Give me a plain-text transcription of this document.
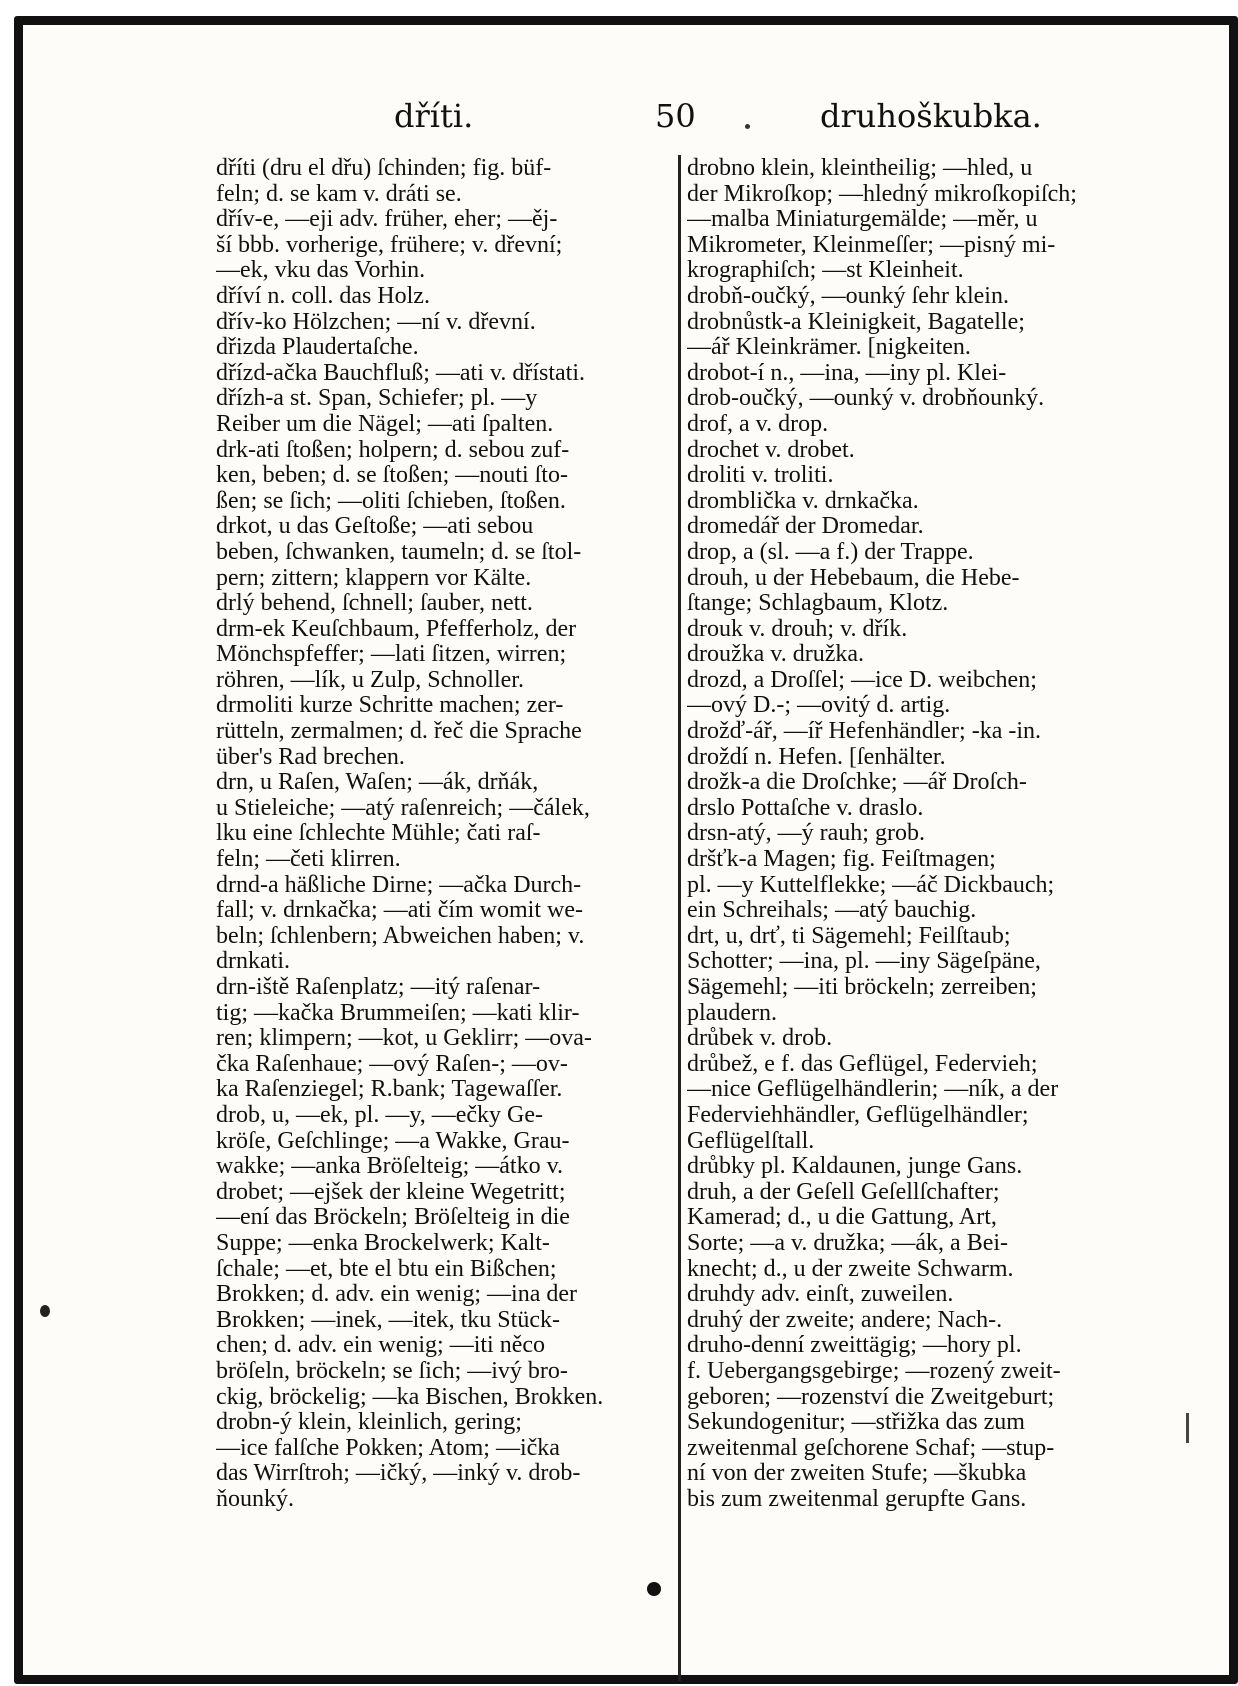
dříti.	50	druhoškubka.
dříti (dru el dřu) ſchinden; fig. büf-
feln; d. se kam v. dráti se.
dřív-e, —eji adv. früher, eher; —ěj-
ší bbb. vorherige, frühere; v. dřevní;
—ek, vku das Vorhin.
dříví n. coll. das Holz.
dřív-ko Hölzchen; —ní v. dřevní.
dřizda Plaudertaſche.
dřízd-ačka Bauchfluß; —ati v. dřístati.
dřízh-a st. Span, Schiefer; pl. —y
Reiber um die Nägel; —ati ſpalten.
drk-ati ſtoßen; holpern; d. sebou zuf-
ken, beben; d. se ſtoßen; —nouti ſto-
ßen; se ſich; —oliti ſchieben, ſtoßen.
drkot, u das Geſtoße; —ati sebou
beben, ſchwanken, taumeln; d. se ſtol-
pern; zittern; klappern vor Kälte.
drlý behend, ſchnell; ſauber, nett.
drm-ek Keuſchbaum, Pfefferholz, der
Mönchspfeffer; —lati ſitzen, wirren;
röhren, —lík, u Zulp, Schnoller.
drmoliti kurze Schritte machen; zer-
rütteln, zermalmen; d. řeč die Sprache
über's Rad brechen.
drn, u Raſen, Waſen; —ák, drňák,
u Stieleiche; —atý raſenreich; —čálek,
lku eine ſchlechte Mühle; čati raſ-
feln; —četi klirren.
drnd-a häßliche Dirne; —ačka Durch-
fall; v. drnkačka; —ati čím womit we-
beln; ſchlenbern; Abweichen haben; v.
drnkati.
drn-iště Raſenplatz; —itý raſenar-
tig; —kačka Brummeiſen; —kati klir-
ren; klimpern; —kot, u Geklirr; —ova-
čka Raſenhaue; —ový Raſen-; —ov-
ka Raſenziegel; R.bank; Tagewaſſer.
drob, u, —ek, pl. —y, —ečky Ge-
kröſe, Geſchlinge; —a Wakke, Grau-
wakke; —anka Bröſelteig; —átko v.
drobet; —ejšek der kleine Wegetritt;
—ení das Bröckeln; Bröſelteig in die
Suppe; —enka Brockelwerk; Kalt-
ſchale; —et, bte el btu ein Bißchen;
Brokken; d. adv. ein wenig; —ina der
Brokken; —inek, —itek, tku Stück-
chen; d. adv. ein wenig; —iti něco
bröſeln, bröckeln; se ſich; —ivý bro-
ckig, bröckelig; —ka Bischen, Brokken.
drobn-ý klein, kleinlich, gering;
—ice falſche Pokken; Atom; —ička
das Wirrſtroh; —ičký, —inký v. drob-
ňounký.
drobno klein, kleintheilig; —hled, u
der Mikroſkop; —hledný mikroſkopiſch;
—malba Miniaturgemälde; —měr, u
Mikrometer, Kleinmeſſer; —pisný mi-
krographiſch; —st Kleinheit.
drobň-oučký, —ounký ſehr klein.
drobnůstk-a Kleinigkeit, Bagatelle;
—ář Kleinkrämer. [nigkeiten.
drobot-í n., —ina, —iny pl. Klei-
drob-oučký, —ounký v. drobňounký.
drof, a v. drop.
drochet v. drobet.
droliti v. troliti.
dromblička v. drnkačka.
dromedář der Dromedar.
drop, a (sl. —a f.) der Trappe.
drouh, u der Hebebaum, die Hebe-
ſtange; Schlagbaum, Klotz.
drouk v. drouh; v. dřík.
droužka v. družka.
drozd, a Droſſel; —ice D. weibchen;
—ový D.-; —ovitý d. artig.
drožď-ář, —íř Hefenhändler; -ka -in.
droždí n. Hefen. [ſenhälter.
drožk-a die Droſchke; —ář Droſch-
drslo Pottaſche v. draslo.
drsn-atý, —ý rauh; grob.
dršťk-a Magen; fig. Feiſtmagen;
pl. —y Kuttelflekke; —áč Dickbauch;
ein Schreihals; —atý bauchig.
drt, u, drť, ti Sägemehl; Feilſtaub;
Schotter; —ina, pl. —iny Sägeſpäne,
Sägemehl; —iti bröckeln; zerreiben;
plaudern.
drůbek v. drob.
drůbež, e f. das Geflügel, Federvieh;
—nice Geflügelhändlerin; —ník, a der
Federviehhändler, Geflügelhändler;
Geflügelſtall.
drůbky pl. Kaldaunen, junge Gans.
druh, a der Geſell Geſellſchafter;
Kamerad; d., u die Gattung, Art,
Sorte; —a v. družka; —ák, a Bei-
knecht; d., u der zweite Schwarm.
druhdy adv. einſt, zuweilen.
druhý der zweite; andere; Nach-.
druho-denní zweittägig; —hory pl.
f. Uebergangsgebirge; —rozený zweit-
geboren; —rozenství die Zweitgeburt;
Sekundogenitur; —střižka das zum
zweitenmal geſchorene Schaf; —stup-
ní von der zweiten Stufe; —škubka
bis zum zweitenmal gerupfte Gans.
